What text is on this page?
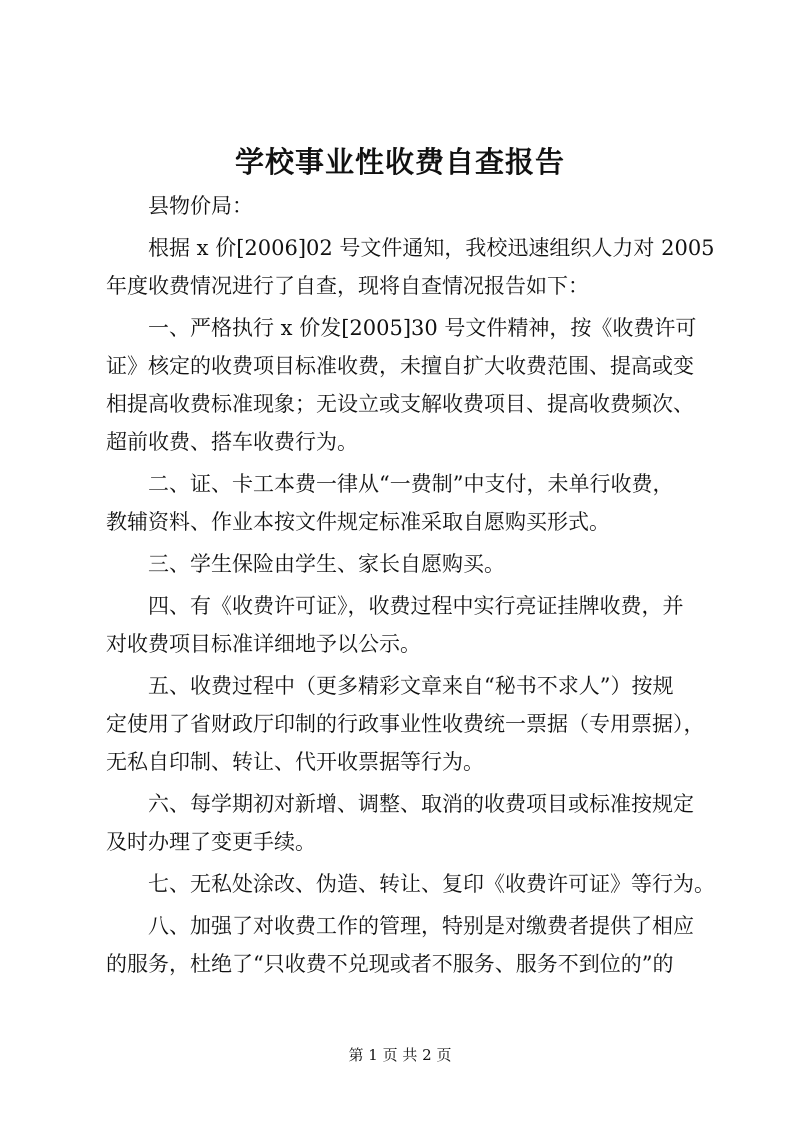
学校事业性收费自查报告
县物价局：
根据 x 价[2006]02 号文件通知，我校迅速组织人力对 2005
年度收费情况进行了自查，现将自查情况报告如下：
一、严格执行 x 价发[2005]30 号文件精神，按《收费许可
证》核定的收费项目标准收费，未擅自扩大收费范围、提高或变
相提高收费标准现象；无设立或支解收费项目、提高收费频次、
超前收费、搭车收费行为。
二、证、卡工本费一律从“一费制”中支付，未单行收费，
教辅资料、作业本按文件规定标准采取自愿购买形式。
三、学生保险由学生、家长自愿购买。
四、有《收费许可证》，收费过程中实行亮证挂牌收费，并
对收费项目标准详细地予以公示。
五、收费过程中（更多精彩文章来自“秘书不求人”）按规
定使用了省财政厅印制的行政事业性收费统一票据（专用票据），
无私自印制、转让、代开收票据等行为。
六、每学期初对新增、调整、取消的收费项目或标准按规定
及时办理了变更手续。
七、无私处涂改、伪造、转让、复印《收费许可证》等行为。
八、加强了对收费工作的管理，特别是对缴费者提供了相应
的服务，杜绝了“只收费不兑现或者不服务、服务不到位的”的
第 1 页 共 2 页
